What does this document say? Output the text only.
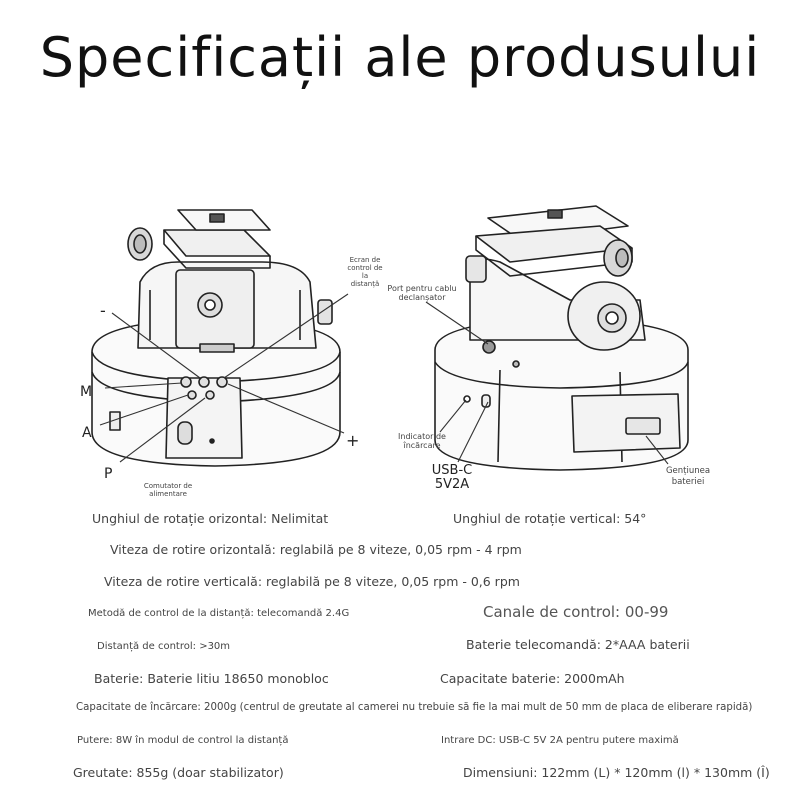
Specificații ale produsului
-
M
A
P
+
Ecran de
control de
la
distanță
Comutator de
alimentare
Port pentru cablu
declanșator
Indicator de
încărcare
USB-C
5V2A
Gențiunea
bateriei
Unghiul de rotație orizontal: Nelimitat	Unghiul de rotație vertical: 54°
Viteza de rotire orizontală: reglabilă pe 8 viteze, 0,05 rpm - 4 rpm
Viteza de rotire verticală: reglabilă pe 8 viteze, 0,05 rpm - 0,6 rpm
Metodă de control de la distanță: telecomandă 2.4G	Canale de control: 00-99
Distanță de control: >30m	Baterie telecomandă: 2*AAA baterii
Baterie: Baterie litiu 18650 monobloc	Capacitate baterie: 2000mAh
Capacitate de încărcare: 2000g (centrul de greutate al camerei nu trebuie să fie la mai mult de 50 mm de placa de eliberare rapidă)
Putere: 8W în modul de control la distanță	Intrare DC: USB-C 5V 2A pentru putere maximă
Greutate: 855g (doar stabilizator)	Dimensiuni: 122mm (L) * 120mm (l) * 130mm (Î)
